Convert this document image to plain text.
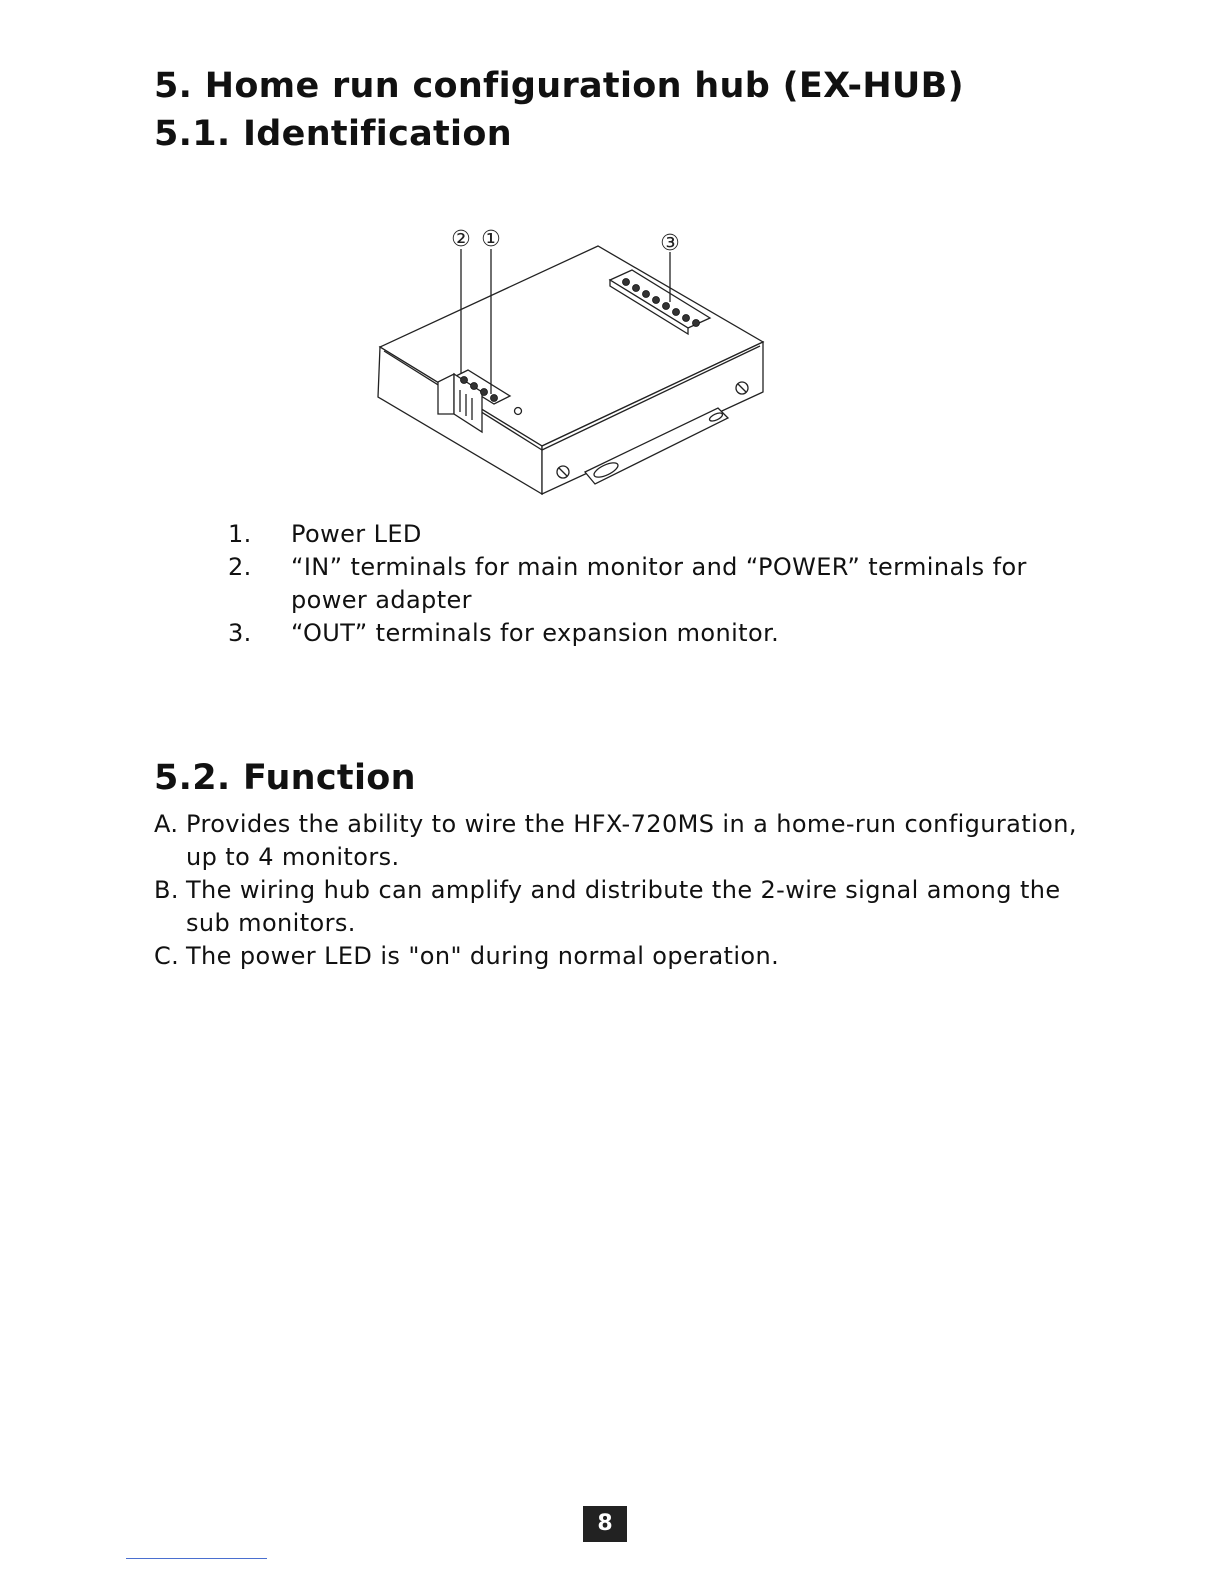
5. Home run configuration hub (EX-HUB)
5.1. Identification
② ①	③
1.	Power LED
2.	“IN” terminals for main monitor and “POWER” terminals for power adapter
3.	“OUT” terminals for expansion monitor.
5.2. Function
A. Provides the ability to wire the HFX-720MS in a home-run configuration, up to 4 monitors.
B. The wiring hub can amplify and distribute the 2-wire signal among the sub monitors.
C. The power LED is "on" during normal operation.
8
